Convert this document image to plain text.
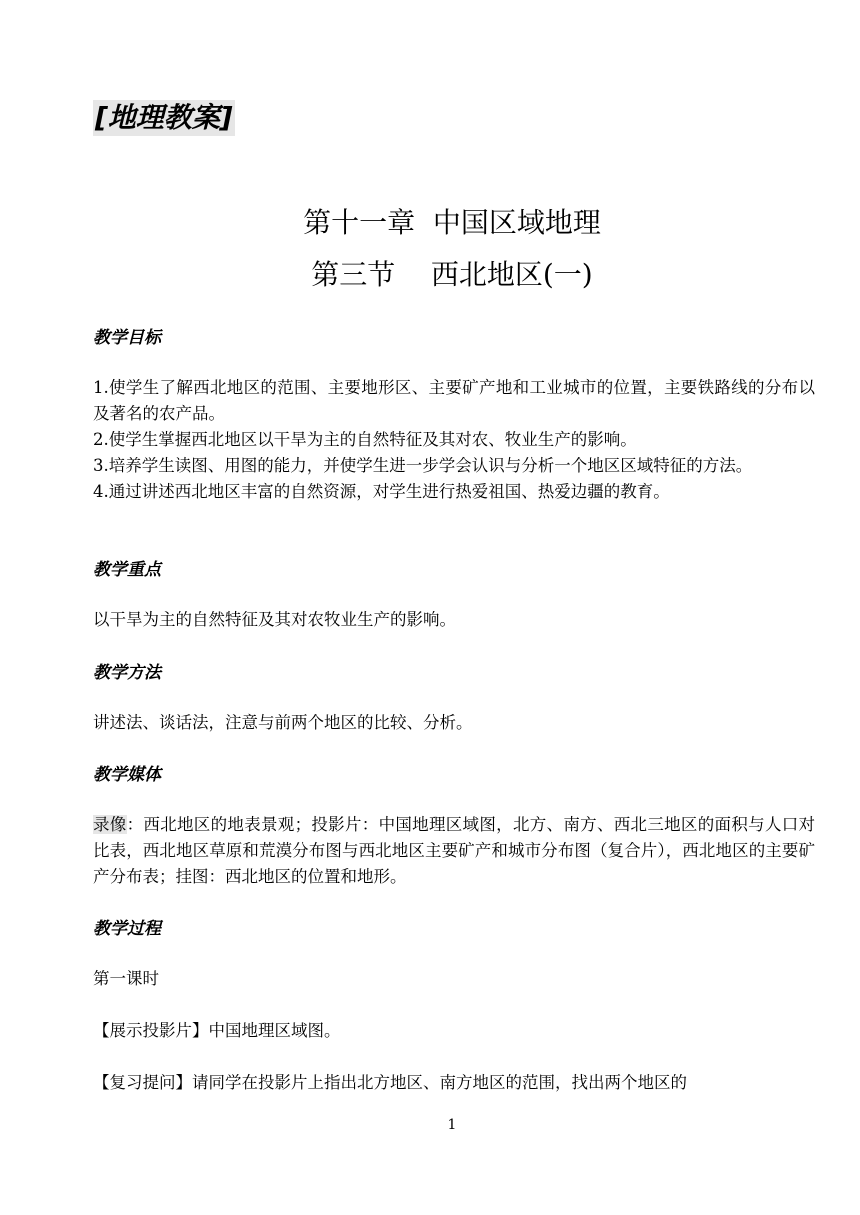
[地理教案]
第十一章  中国区域地理
第三节    西北地区(一)
教学目标

1.使学生了解西北地区的范围、主要地形区、主要矿产地和工业城市的位置，主要铁路线的分布以及著名的农产品。

2.使学生掌握西北地区以干旱为主的自然特征及其对农、牧业生产的影响。

3.培养学生读图、用图的能力，并使学生进一步学会认识与分析一个地区区域特征的方法。

4.通过讲述西北地区丰富的自然资源，对学生进行热爱祖国、热爱边疆的教育。

教学重点
以干旱为主的自然特征及其对农牧业生产的影响。
教学方法
讲述法、谈话法，注意与前两个地区的比较、分析。
教学媒体
录像：西北地区的地表景观；投影片：中国地理区域图，北方、南方、西北三地区的面积与人口对比表，西北地区草原和荒漠分布图与西北地区主要矿产和城市分布图（复合片），西北地区的主要矿产分布表；挂图：西北地区的位置和地形。
教学过程
第一课时
【展示投影片】中国地理区域图。
【复习提问】请同学在投影片上指出北方地区、南方地区的范围，找出两个地区的
1
